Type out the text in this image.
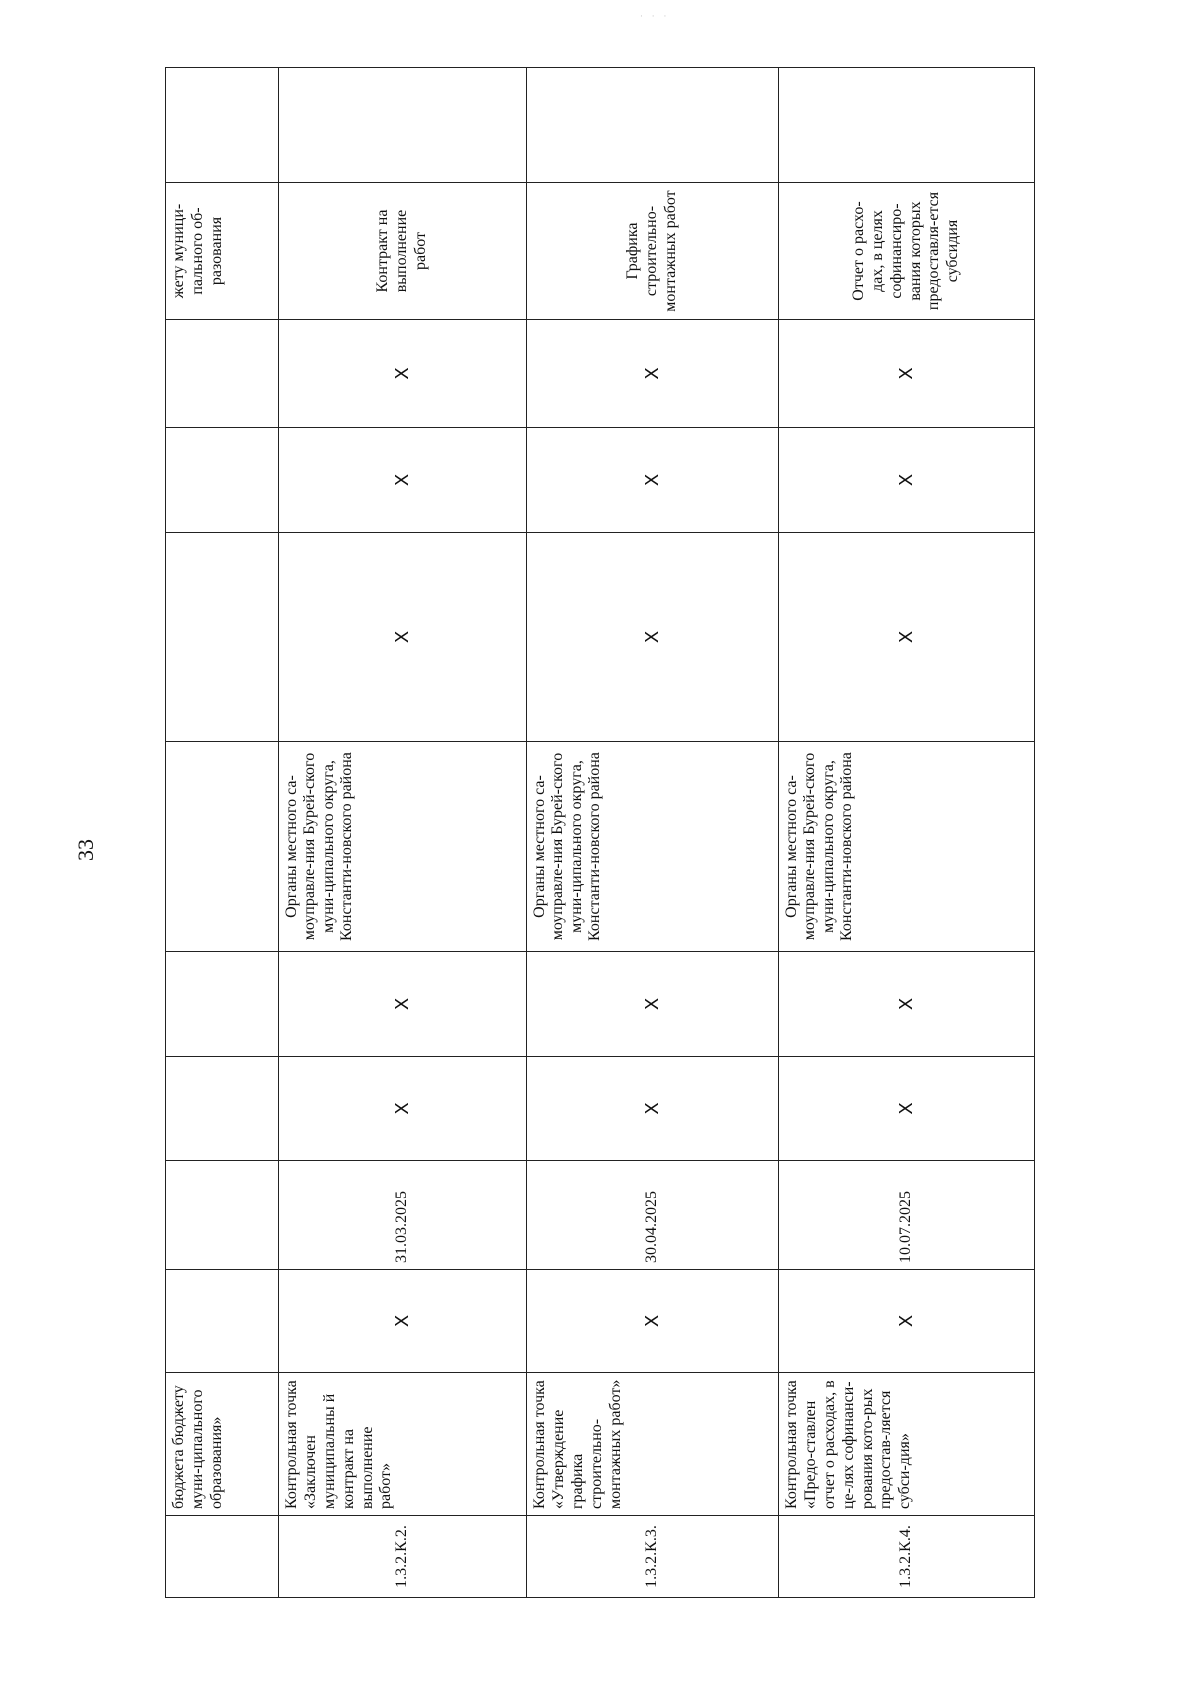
· · ·
33
	бюджета бюджету муни-ципального образования»									жету муници-пального об-разования	
1.3.2.К.2.	Контрольная точка «Заключен муниципальны й контракт на выполнение работ»	X	31.03.2025	X	X	Органы местного са-моуправле-ния Бурей-ского муни-ципального округа, Константи-новского района	X	X	X	Контракт на выполнение работ	
1.3.2.К.3.	Контрольная точка «Утверждение графика строительно-монтажных работ»	X	30.04.2025	X	X	Органы местного са-моуправле-ния Бурей-ского муни-ципального округа, Константи-новского района	X	X	X	Графика строительно-монтажных работ	
1.3.2.К.4.	Контрольная точка «Предо-ставлен отчет о расходах, в це-лях софинанси-рования кото-рых предостав-ляется субси-дия»	X	10.07.2025	X	X	Органы местного са-моуправле-ния Бурей-ского муни-ципального округа, Константи-новского района	X	X	X	Отчет о расхо-дах, в целях софинансиро-вания которых предоставля-ется субсидия	
